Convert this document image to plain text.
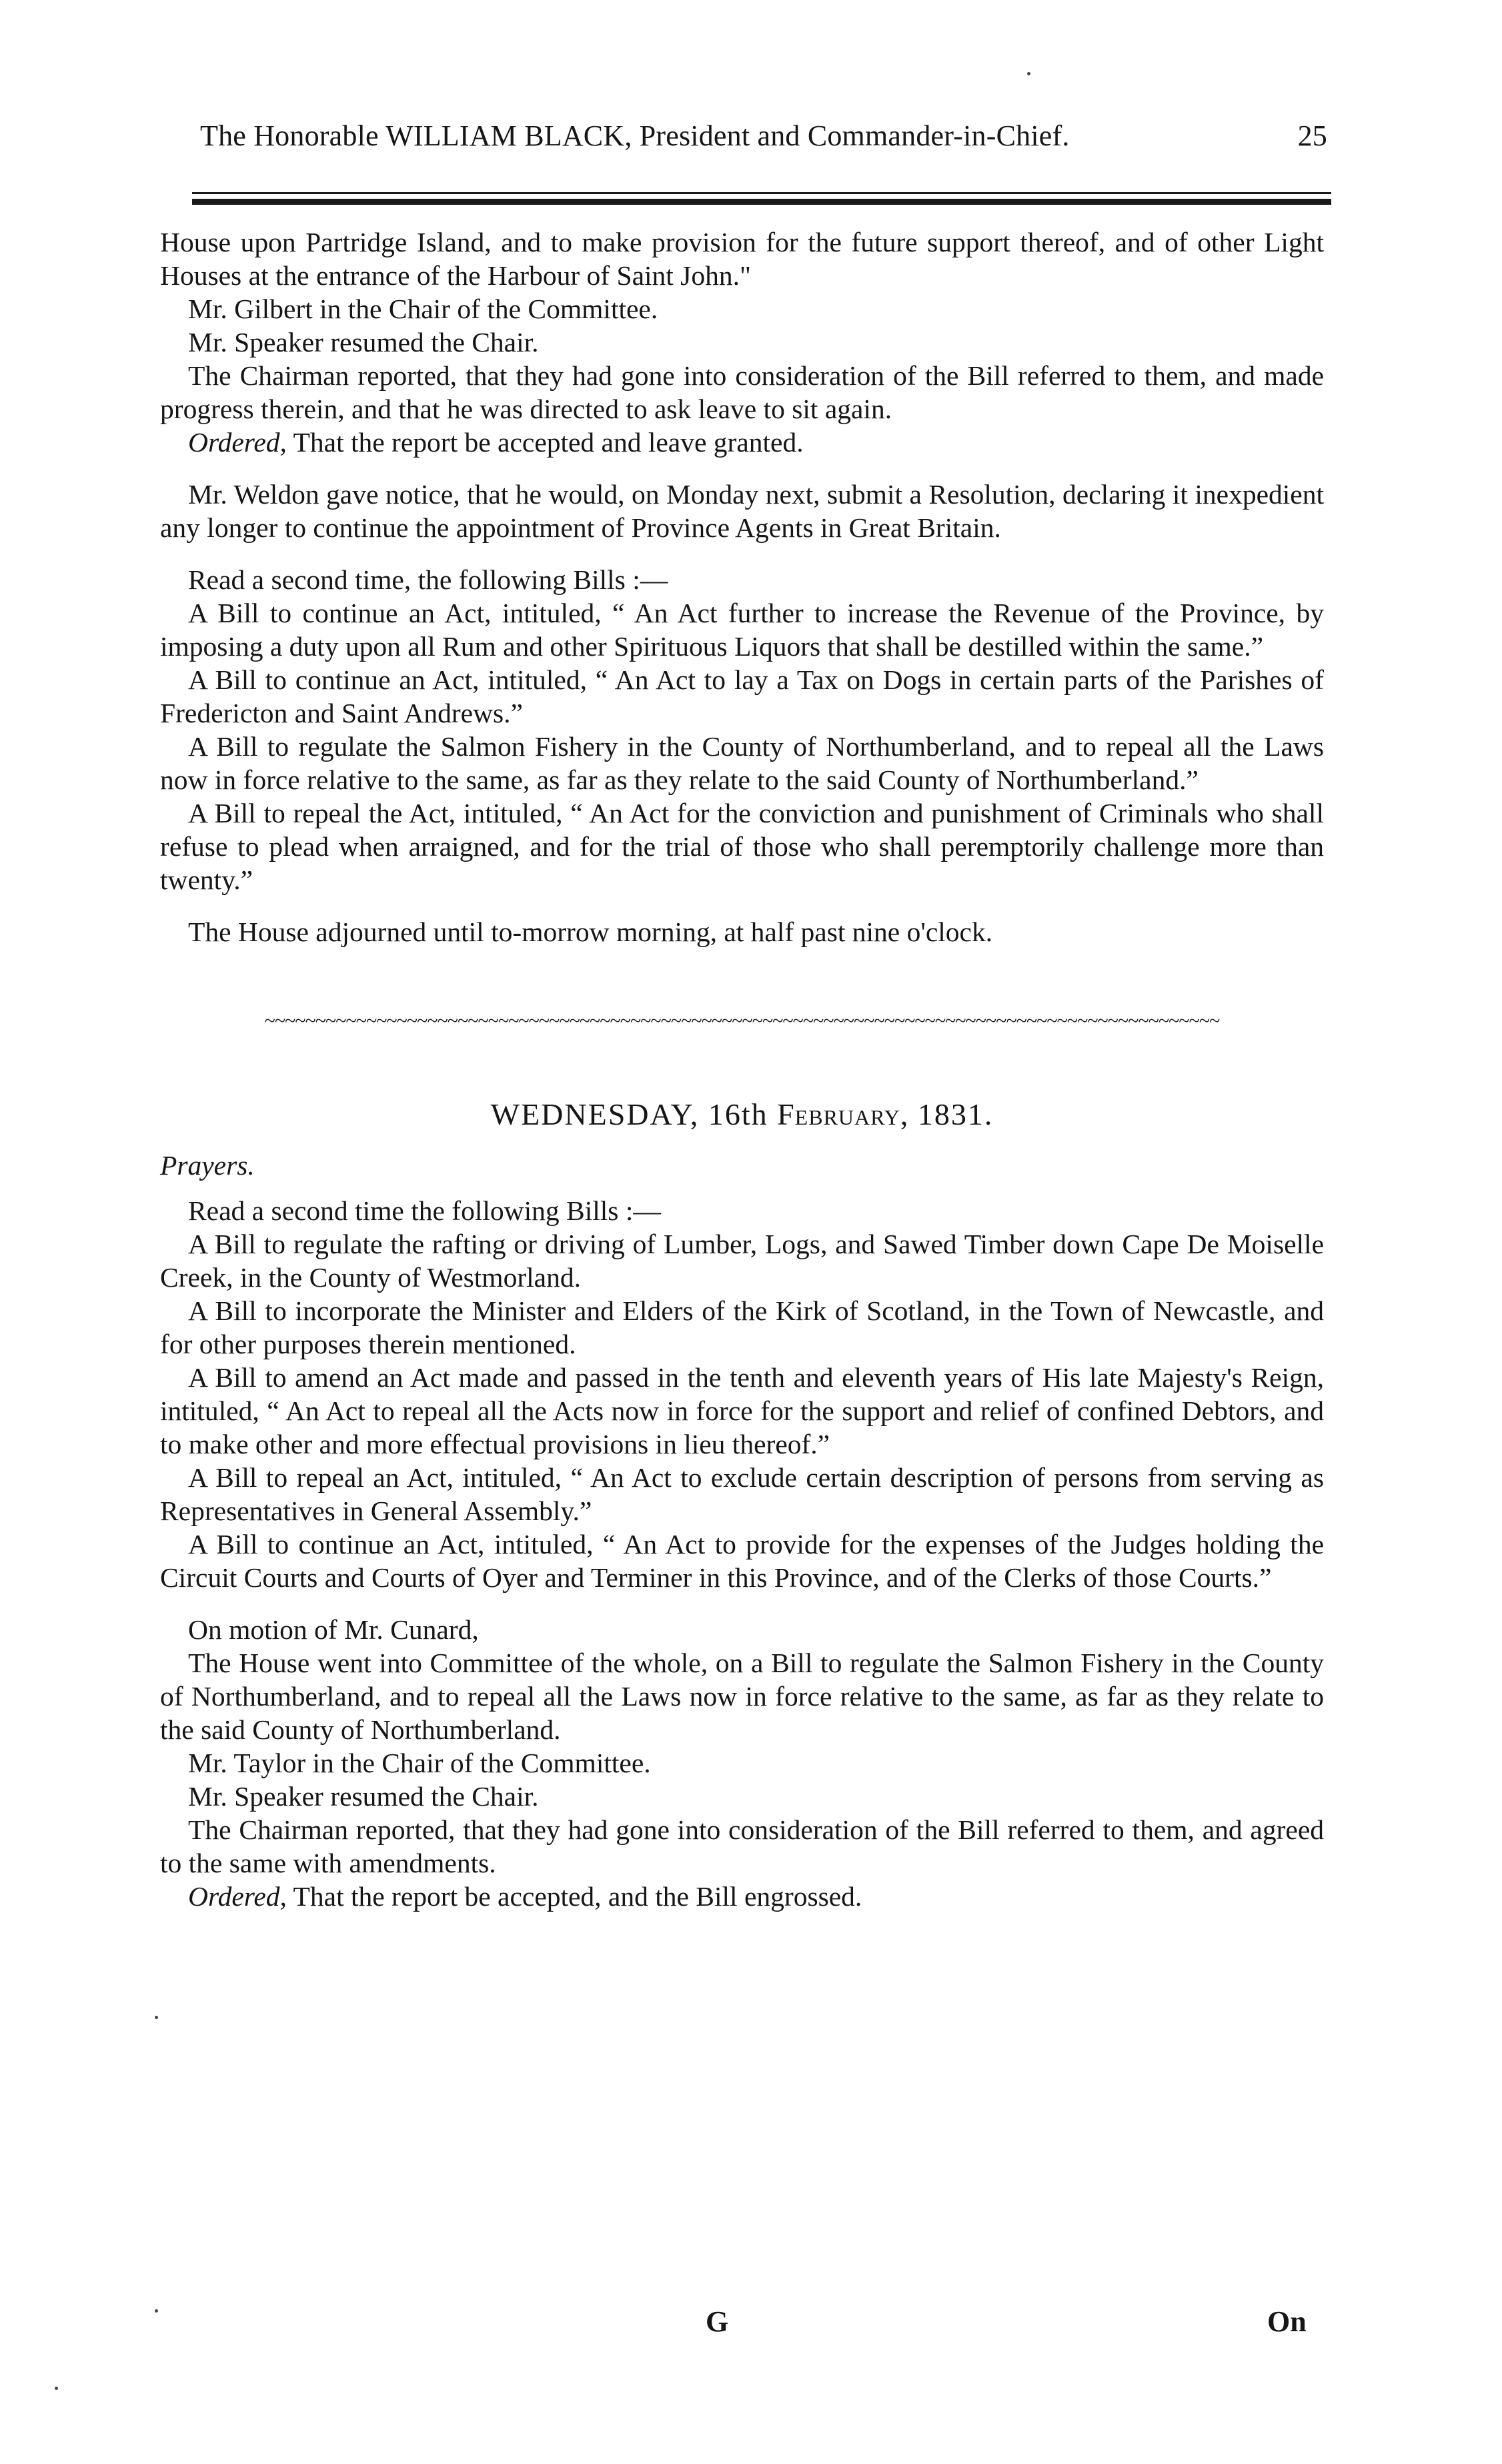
The Honorable WILLIAM BLACK, President and Commander-in-Chief.	25

House upon Partridge Island, and to make provision for the future support thereof, and of other Light Houses at the entrance of the Harbour of Saint John."

Mr. Gilbert in the Chair of the Committee.

Mr. Speaker resumed the Chair.

The Chairman reported, that they had gone into consideration of the Bill referred to them, and made progress therein, and that he was directed to ask leave to sit again.

Ordered, That the report be accepted and leave granted.

Mr. Weldon gave notice, that he would, on Monday next, submit a Resolution, declaring it inexpedient any longer to continue the appointment of Province Agents in Great Britain.

Read a second time, the following Bills :—

A Bill to continue an Act, intituled, “ An Act further to increase the Revenue of the Province, by imposing a duty upon all Rum and other Spirituous Liquors that shall be destilled within the same.”

A Bill to continue an Act, intituled, “ An Act to lay a Tax on Dogs in certain parts of the Parishes of Fredericton and Saint Andrews.”

A Bill to regulate the Salmon Fishery in the County of Northumberland, and to repeal all the Laws now in force relative to the same, as far as they relate to the said County of Northumberland.”

A Bill to repeal the Act, intituled, “ An Act for the conviction and punishment of Criminals who shall refuse to plead when arraigned, and for the trial of those who shall peremptorily challenge more than twenty.”

The House adjourned until to-morrow morning, at half past nine o'clock.

~~~~~~~~~~~~~~~~~~~~~~~~~~~~~~~~~~~~~~~~~~~~~~~~~~~~~~~~~~~~~~~~~~~~~~~~~~~~~~~~~~~~~~~~~~~~~~
WEDNESDAY, 16th February, 1831.

Prayers.

Read a second time the following Bills :—

A Bill to regulate the rafting or driving of Lumber, Logs, and Sawed Timber down Cape De Moiselle Creek, in the County of Westmorland.

A Bill to incorporate the Minister and Elders of the Kirk of Scotland, in the Town of Newcastle, and for other purposes therein mentioned.

A Bill to amend an Act made and passed in the tenth and eleventh years of His late Majesty's Reign, intituled, “ An Act to repeal all the Acts now in force for the support and relief of confined Debtors, and to make other and more effectual provisions in lieu thereof.”

A Bill to repeal an Act, intituled, “ An Act to exclude certain description of persons from serving as Representatives in General Assembly.”

A Bill to continue an Act, intituled, “ An Act to provide for the expenses of the Judges holding the Circuit Courts and Courts of Oyer and Terminer in this Province, and of the Clerks of those Courts.”

On motion of Mr. Cunard,

The House went into Committee of the whole, on a Bill to regulate the Salmon Fishery in the County of Northumberland, and to repeal all the Laws now in force relative to the same, as far as they relate to the said County of Northumberland.

Mr. Taylor in the Chair of the Committee.

Mr. Speaker resumed the Chair.

The Chairman reported, that they had gone into consideration of the Bill referred to them, and agreed to the same with amendments.

Ordered, That the report be accepted, and the Bill engrossed.

G	On
